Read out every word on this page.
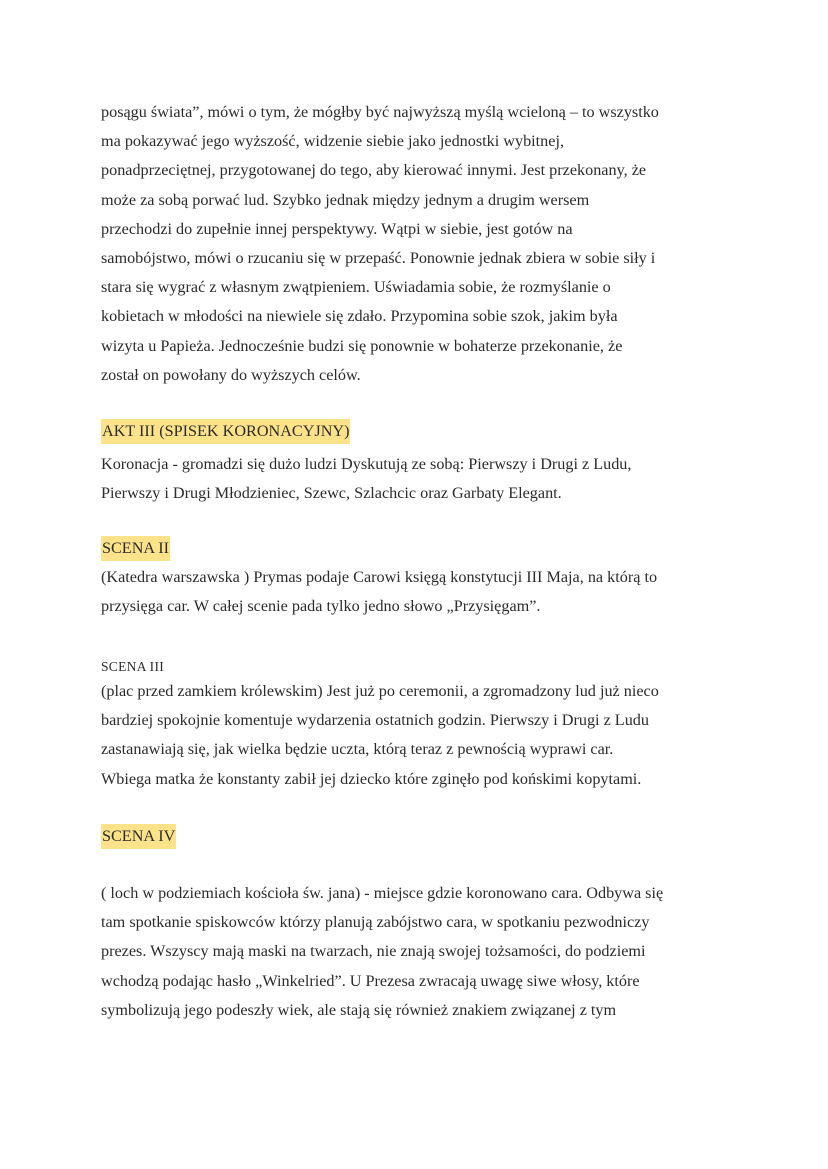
posągu świata”, mówi o tym, że mógłby być najwyższą myślą wcieloną – to wszystko
ma pokazywać jego wyższość, widzenie siebie jako jednostki wybitnej,
ponadprzeciętnej, przygotowanej do tego, aby kierować innymi. Jest przekonany, że
może za sobą porwać lud. Szybko jednak między jednym a drugim wersem
przechodzi do zupełnie innej perspektywy. Wątpi w siebie, jest gotów na
samobójstwo, mówi o rzucaniu się w przepaść. Ponownie jednak zbiera w sobie siły i
stara się wygrać z własnym zwątpieniem. Uświadamia sobie, że rozmyślanie o
kobietach w młodości na niewiele się zdało. Przypomina sobie szok, jakim była
wizyta u Papieża. Jednocześnie budzi się ponownie w bohaterze przekonanie, że
został on powołany do wyższych celów.

AKT III (SPISEK KORONACYJNY)

Koronacja - gromadzi się dużo ludzi Dyskutują ze sobą: Pierwszy i Drugi z Ludu,
Pierwszy i Drugi Młodzieniec, Szewc, Szlachcic oraz Garbaty Elegant.

SCENA II

(Katedra warszawska ) Prymas podaje Carowi księgą konstytucji III Maja, na którą to
przysięga car. W całej scenie pada tylko jedno słowo „Przysięgam”.

SCENA III

(plac przed zamkiem królewskim) Jest już po ceremonii, a zgromadzony lud już nieco
bardziej spokojnie komentuje wydarzenia ostatnich godzin. Pierwszy i Drugi z Ludu
zastanawiają się, jak wielka będzie uczta, którą teraz z pewnością wyprawi car.
Wbiega matka że konstanty zabił jej dziecko które zginęło pod końskimi kopytami.

SCENA IV

( loch w podziemiach kościoła św. jana) - miejsce gdzie koronowano cara. Odbywa się
tam spotkanie spiskowców którzy planują zabójstwo cara, w spotkaniu pezwodniczy
prezes. Wszyscy mają maski na twarzach, nie znają swojej tożsamości, do podziemi
wchodzą podając hasło „Winkelried”. U Prezesa zwracają uwagę siwe włosy, które
symbolizują jego podeszły wiek, ale stają się również znakiem związanej z tym
